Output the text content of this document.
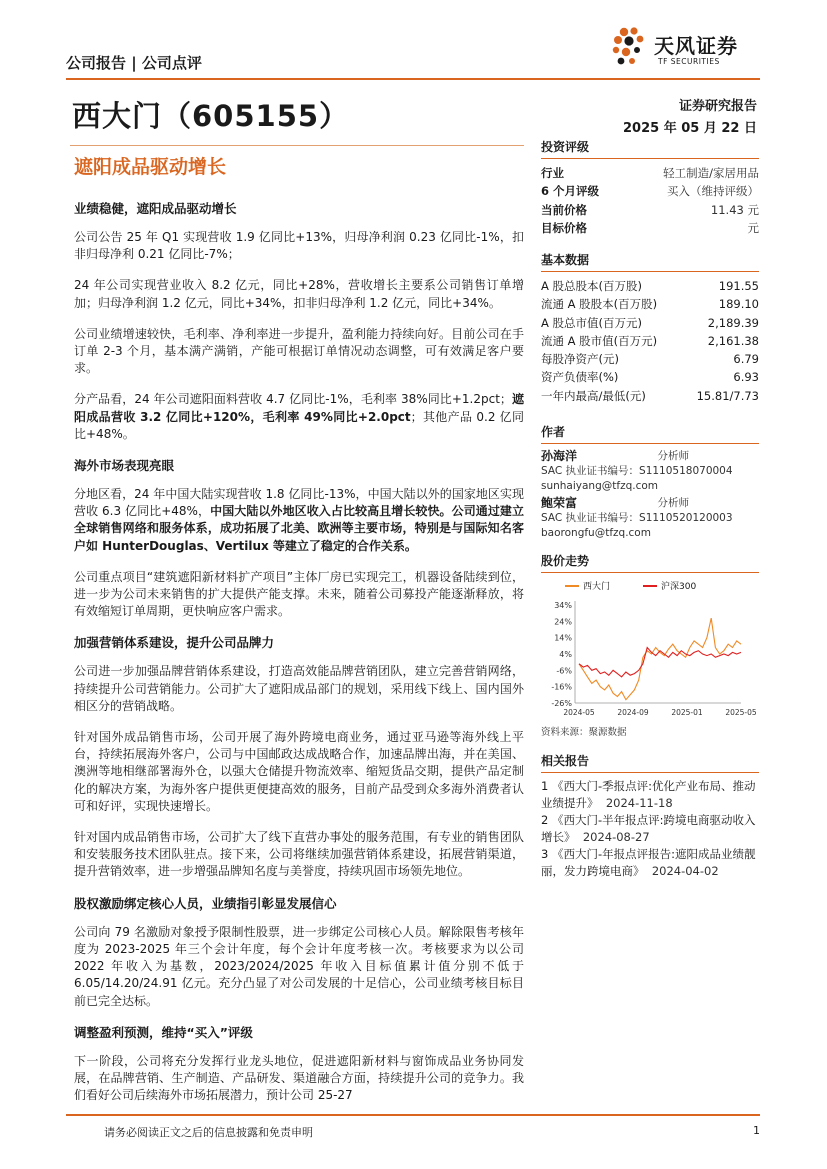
公司报告 | 公司点评
天风证券
TF SECURITIES
西大门（605155）	证券研究报告
2025 年 05 月 22 日
遮阳成品驱动增长
业绩稳健，遮阳成品驱动增长

公司公告 25 年 Q1 实现营收 1.9 亿同比+13%，归母净利润 0.23 亿同比-1%，扣非归母净利 0.21 亿同比-7%；

24 年公司实现营业收入 8.2 亿元，同比+28%，营收增长主要系公司销售订单增加；归母净利润 1.2 亿元，同比+34%，扣非归母净利 1.2 亿元，同比+34%。

公司业绩增速较快，毛利率、净利率进一步提升，盈利能力持续向好。目前公司在手订单 2-3 个月，基本满产满销，产能可根据订单情况动态调整，可有效满足客户要求。

分产品看，24 年公司遮阳面料营收 4.7 亿同比-1%，毛利率 38%同比+1.2pct；遮阳成品营收 3.2 亿同比+120%，毛利率 49%同比+2.0pct；其他产品 0.2 亿同比+48%。

海外市场表现亮眼

分地区看，24 年中国大陆实现营收 1.8 亿同比-13%，中国大陆以外的国家地区实现营收 6.3 亿同比+48%，中国大陆以外地区收入占比较高且增长较快。公司通过建立全球销售网络和服务体系，成功拓展了北美、欧洲等主要市场，特别是与国际知名客户如 HunterDouglas、Vertilux 等建立了稳定的合作关系。

公司重点项目“建筑遮阳新材料扩产项目”主体厂房已实现完工，机器设备陆续到位，进一步为公司未来销售的扩大提供产能支撑。未来，随着公司募投产能逐渐释放，将有效缩短订单周期，更快响应客户需求。

加强营销体系建设，提升公司品牌力

公司进一步加强品牌营销体系建设，打造高效能品牌营销团队，建立完善营销网络，持续提升公司营销能力。公司扩大了遮阳成品部门的规划，采用线下线上、国内国外相区分的营销战略。

针对国外成品销售市场，公司开展了海外跨境电商业务，通过亚马逊等海外线上平台，持续拓展海外客户，公司与中国邮政达成战略合作，加速品牌出海，并在美国、澳洲等地相继部署海外仓，以强大仓储提升物流效率、缩短货品交期，提供产品定制化的解决方案，为海外客户提供更便捷高效的服务，目前产品受到众多海外消费者认可和好评，实现快速增长。

针对国内成品销售市场，公司扩大了线下直营办事处的服务范围，有专业的销售团队和安装服务技术团队驻点。接下来，公司将继续加强营销体系建设，拓展营销渠道，提升营销效率，进一步增强品牌知名度与美誉度，持续巩固市场领先地位。

股权激励绑定核心人员，业绩指引彰显发展信心

公司向 79 名激励对象授予限制性股票，进一步绑定公司核心人员。解除限售考核年度为 2023-2025 年三个会计年度，每个会计年度考核一次。考核要求为以公司 2022 年收入为基数，2023/2024/2025 年收入目标值累计值分别不低于 6.05/14.20/24.91 亿元。充分凸显了对公司发展的十足信心，公司业绩考核目标目前已完全达标。

调整盈利预测，维持“买入”评级

下一阶段，公司将充分发挥行业龙头地位，促进遮阳新材料与窗饰成品业务协同发展，在品牌营销、生产制造、产品研发、渠道融合方面，持续提升公司的竞争力。我们看好公司后续海外市场拓展潜力，预计公司 25-27

投资评级
行业	轻工制造/家居用品
6 个月评级	买入（维持评级）
当前价格	11.43 元
目标价格	元
基本数据
A 股总股本(百万股)	191.55
流通 A 股股本(百万股)	189.10
A 股总市值(百万元)	2,189.39
流通 A 股市值(百万元)	2,161.38
每股净资产(元)	6.79
资产负债率(%)	6.93
一年内最高/最低(元)	15.81/7.73
作者
孙海洋	分析师
SAC 执业证书编号：S1110518070004
sunhaiyang@tfzq.com
鲍荣富	分析师
SAC 执业证书编号：S1110520120003
baorongfu@tfzq.com
股价走势
西大门	沪深300
34%
24%
14%
4%
-6%
-16%
-26%
2024-05	2024-09	2025-01	2025-05
资料来源：聚源数据
相关报告
1 《西大门-季报点评:优化产业布局、推动业绩提升》 2024-11-18
2 《西大门-半年报点评:跨境电商驱动收入增长》 2024-08-27
3 《西大门-年报点评报告:遮阳成品业绩靓丽，发力跨境电商》 2024-04-02
请务必阅读正文之后的信息披露和免责申明	1
